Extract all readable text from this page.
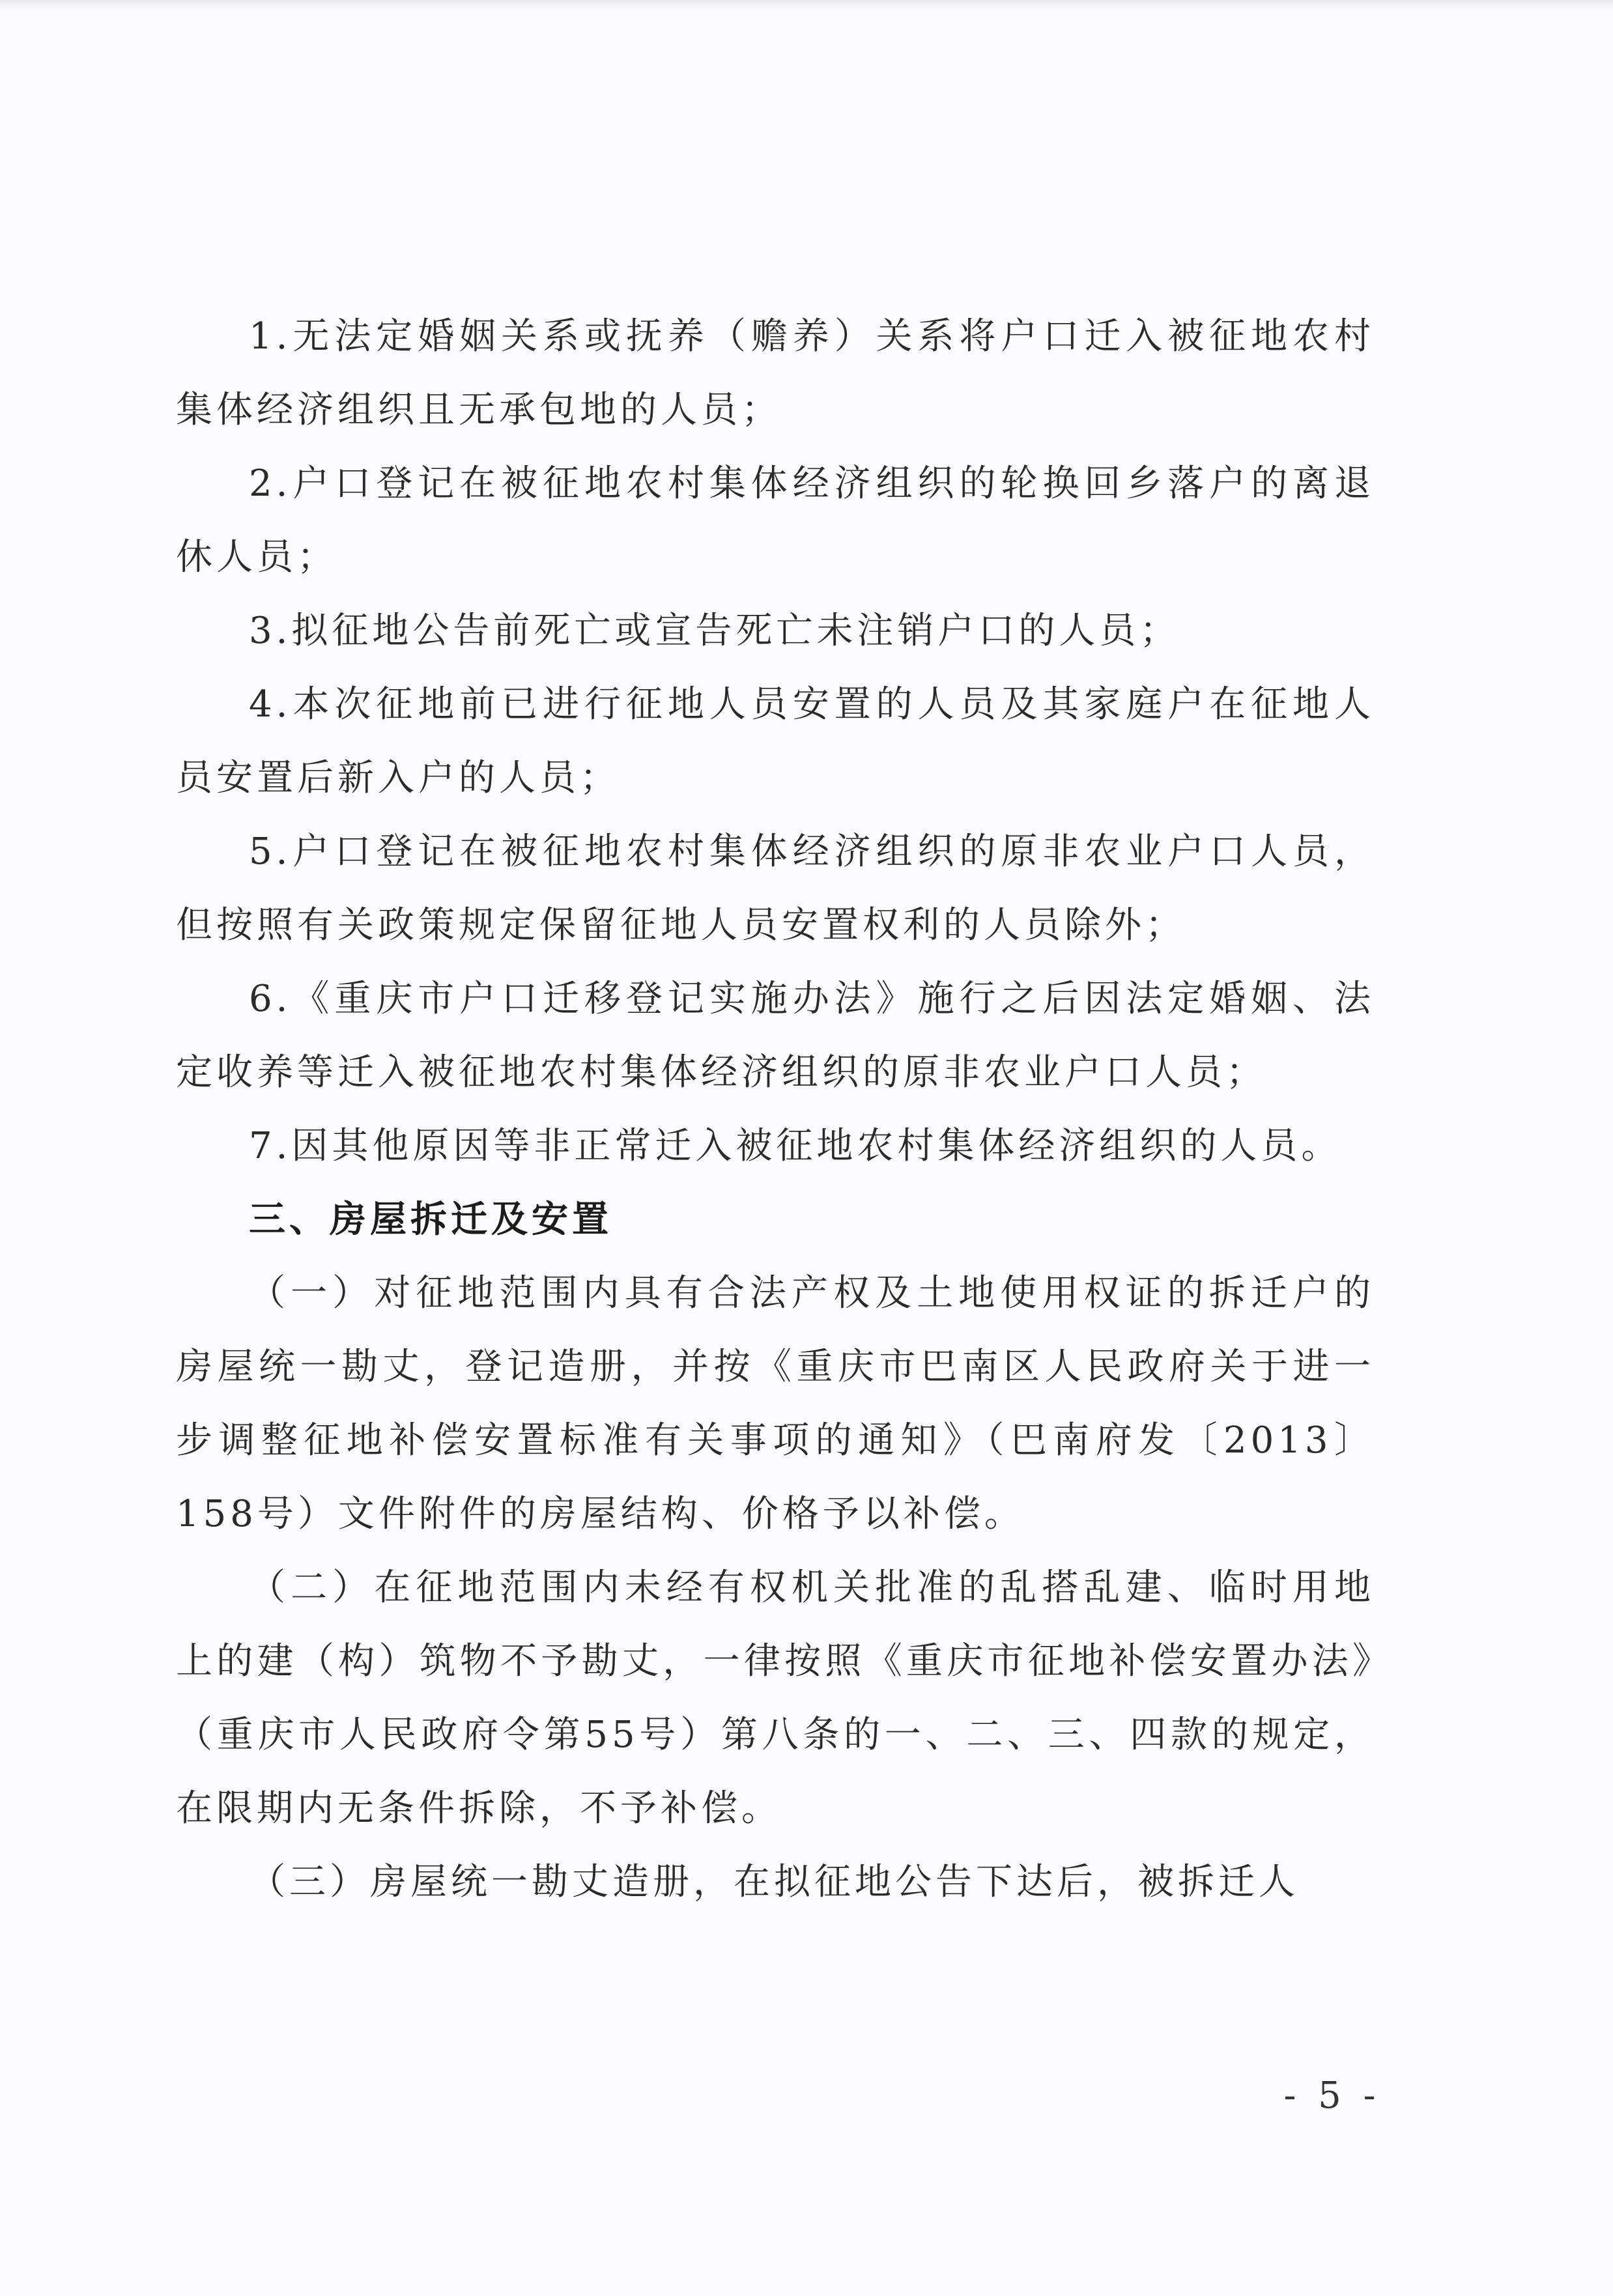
1.无法定婚姻关系或抚养（赡养）关系将户口迁入被征地农村集体经济组织且无承包地的人员；

2.户口登记在被征地农村集体经济组织的轮换回乡落户的离退休人员；

3.拟征地公告前死亡或宣告死亡未注销户口的人员；

4.本次征地前已进行征地人员安置的人员及其家庭户在征地人员安置后新入户的人员；

5.户口登记在被征地农村集体经济组织的原非农业户口人员，但按照有关政策规定保留征地人员安置权利的人员除外；

6.《重庆市户口迁移登记实施办法》施行之后因法定婚姻、法定收养等迁入被征地农村集体经济组织的原非农业户口人员；

7.因其他原因等非正常迁入被征地农村集体经济组织的人员。

三、房屋拆迁及安置

（一）对征地范围内具有合法产权及土地使用权证的拆迁户的房屋统一勘丈，登记造册，并按《重庆市巴南区人民政府关于进一步调整征地补偿安置标准有关事项的通知》（巴南府发〔2013〕158号）文件附件的房屋结构、价格予以补偿。

（二）在征地范围内未经有权机关批准的乱搭乱建、临时用地上的建（构）筑物不予勘丈，一律按照《重庆市征地补偿安置办法》（重庆市人民政府令第55号）第八条的一、二、三、四款的规定，在限期内无条件拆除，不予补偿。

（三）房屋统一勘丈造册，在拟征地公告下达后，被拆迁人

- 5 -
